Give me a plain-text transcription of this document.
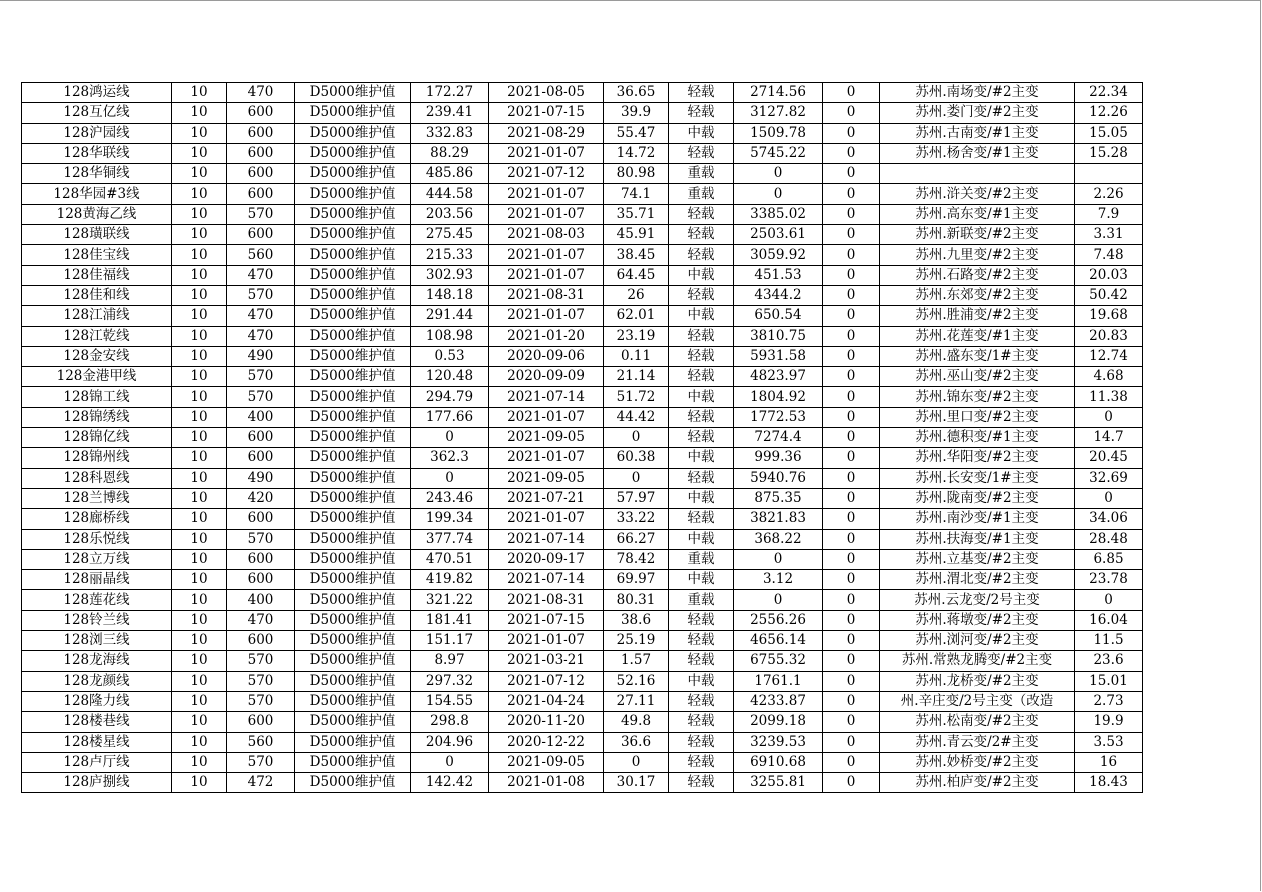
128鸿运线	10	470	D5000维护值	172.27	2021-08-05	36.65	轻载	2714.56	0	苏州.南场变/#2主变	22.34
128互亿线	10	600	D5000维护值	239.41	2021-07-15	39.9	轻载	3127.82	0	苏州.娄门变/#2主变	12.26
128沪园线	10	600	D5000维护值	332.83	2021-08-29	55.47	中载	1509.78	0	苏州.古南变/#1主变	15.05
128华联线	10	600	D5000维护值	88.29	2021-01-07	14.72	轻载	5745.22	0	苏州.杨舍变/#1主变	15.28
128华铜线	10	600	D5000维护值	485.86	2021-07-12	80.98	重载	0	0		
128华园#3线	10	600	D5000维护值	444.58	2021-01-07	74.1	重载	0	0	苏州.浒关变/#2主变	2.26
128黄海乙线	10	570	D5000维护值	203.56	2021-01-07	35.71	轻载	3385.02	0	苏州.高东变/#1主变	7.9
128璜联线	10	600	D5000维护值	275.45	2021-08-03	45.91	轻载	2503.61	0	苏州.新联变/#2主变	3.31
128佳宝线	10	560	D5000维护值	215.33	2021-01-07	38.45	轻载	3059.92	0	苏州.九里变/#2主变	7.48
128佳福线	10	470	D5000维护值	302.93	2021-01-07	64.45	中载	451.53	0	苏州.石路变/#2主变	20.03
128佳和线	10	570	D5000维护值	148.18	2021-08-31	26	轻载	4344.2	0	苏州.东郊变/#2主变	50.42
128江浦线	10	470	D5000维护值	291.44	2021-01-07	62.01	中载	650.54	0	苏州.胜浦变/#2主变	19.68
128江乾线	10	470	D5000维护值	108.98	2021-01-20	23.19	轻载	3810.75	0	苏州.花莲变/#1主变	20.83
128金安线	10	490	D5000维护值	0.53	2020-09-06	0.11	轻载	5931.58	0	苏州.盛东变/1#主变	12.74
128金港甲线	10	570	D5000维护值	120.48	2020-09-09	21.14	轻载	4823.97	0	苏州.巫山变/#2主变	4.68
128锦工线	10	570	D5000维护值	294.79	2021-07-14	51.72	中载	1804.92	0	苏州.锦东变/#2主变	11.38
128锦绣线	10	400	D5000维护值	177.66	2021-01-07	44.42	轻载	1772.53	0	苏州.里口变/#2主变	0
128锦亿线	10	600	D5000维护值	0	2021-09-05	0	轻载	7274.4	0	苏州.德积变/#1主变	14.7
128锦州线	10	600	D5000维护值	362.3	2021-01-07	60.38	中载	999.36	0	苏州.华阳变/#2主变	20.45
128科恩线	10	490	D5000维护值	0	2021-09-05	0	轻载	5940.76	0	苏州.长安变/1#主变	32.69
128兰博线	10	420	D5000维护值	243.46	2021-07-21	57.97	中载	875.35	0	苏州.陇南变/#2主变	0
128廊桥线	10	600	D5000维护值	199.34	2021-01-07	33.22	轻载	3821.83	0	苏州.南沙变/#1主变	34.06
128乐悦线	10	570	D5000维护值	377.74	2021-07-14	66.27	中载	368.22	0	苏州.扶海变/#1主变	28.48
128立万线	10	600	D5000维护值	470.51	2020-09-17	78.42	重载	0	0	苏州.立基变/#2主变	6.85
128丽晶线	10	600	D5000维护值	419.82	2021-07-14	69.97	中载	3.12	0	苏州.渭北变/#2主变	23.78
128莲花线	10	400	D5000维护值	321.22	2021-08-31	80.31	重载	0	0	苏州.云龙变/2号主变	0
128铃兰线	10	470	D5000维护值	181.41	2021-07-15	38.6	轻载	2556.26	0	苏州.蒋墩变/#2主变	16.04
128浏三线	10	600	D5000维护值	151.17	2021-01-07	25.19	轻载	4656.14	0	苏州.浏河变/#2主变	11.5
128龙海线	10	570	D5000维护值	8.97	2021-03-21	1.57	轻载	6755.32	0	苏州.常熟龙腾变/#2主变	23.6
128龙颜线	10	570	D5000维护值	297.32	2021-07-12	52.16	中载	1761.1	0	苏州.龙桥变/#2主变	15.01
128隆力线	10	570	D5000维护值	154.55	2021-04-24	27.11	轻载	4233.87	0	州.辛庄变/2号主变（改造	2.73
128楼巷线	10	600	D5000维护值	298.8	2020-11-20	49.8	轻载	2099.18	0	苏州.松南变/#2主变	19.9
128楼星线	10	560	D5000维护值	204.96	2020-12-22	36.6	轻载	3239.53	0	苏州.青云变/2#主变	3.53
128卢厅线	10	570	D5000维护值	0	2021-09-05	0	轻载	6910.68	0	苏州.妙桥变/#2主变	16
128庐捌线	10	472	D5000维护值	142.42	2021-01-08	30.17	轻载	3255.81	0	苏州.柏庐变/#2主变	18.43
